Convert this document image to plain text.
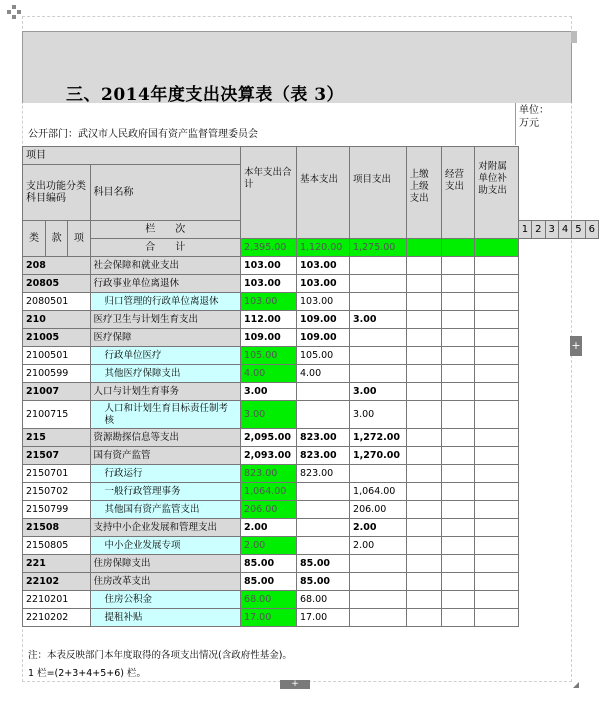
三、2014年度支出决算表（表 3）
公开部门：武汉市人民政府国有资产监督管理委员会
单位：万元
项目				本年支出合计	基本支出	项目支出	上缴上级支出	经营支出	对附属单位补助支出						
支出功能分类科目编码			科目名称												
类	款	项	栏　　次							1	2	3	4	5	6
			合　　计	2,395.00	1,120.00	1,275.00									
208			社会保障和就业支出	103.00	103.00										
20805			行政事业单位离退休	103.00	103.00										
2080501			归口管理的行政单位离退休	103.00	103.00										
210			医疗卫生与计划生育支出	112.00	109.00	3.00									
21005			医疗保障	109.00	109.00										
2100501			行政单位医疗	105.00	105.00										
2100599			其他医疗保障支出	4.00	4.00										
21007			人口与计划生育事务	3.00		3.00									
2100715			人口和计划生育目标责任制考核	3.00		3.00									
215			资源勘探信息等支出	2,095.00	823.00	1,272.00									
21507			国有资产监管	2,093.00	823.00	1,270.00									
2150701			行政运行	823.00	823.00										
2150702			一般行政管理事务	1,064.00		1,064.00									
2150799			其他国有资产监管支出	206.00		206.00									
21508			支持中小企业发展和管理支出	2.00		2.00									
2150805			中小企业发展专项	2.00		2.00									
221			住房保障支出	85.00	85.00										
22102			住房改革支出	85.00	85.00										
2210201			住房公积金	68.00	68.00										
2210202			提租补贴	17.00	17.00										
注：本表反映部门本年度取得的各项支出情况(含政府性基金)。
1 栏=(2+3+4+5+6) 栏。
+
+
